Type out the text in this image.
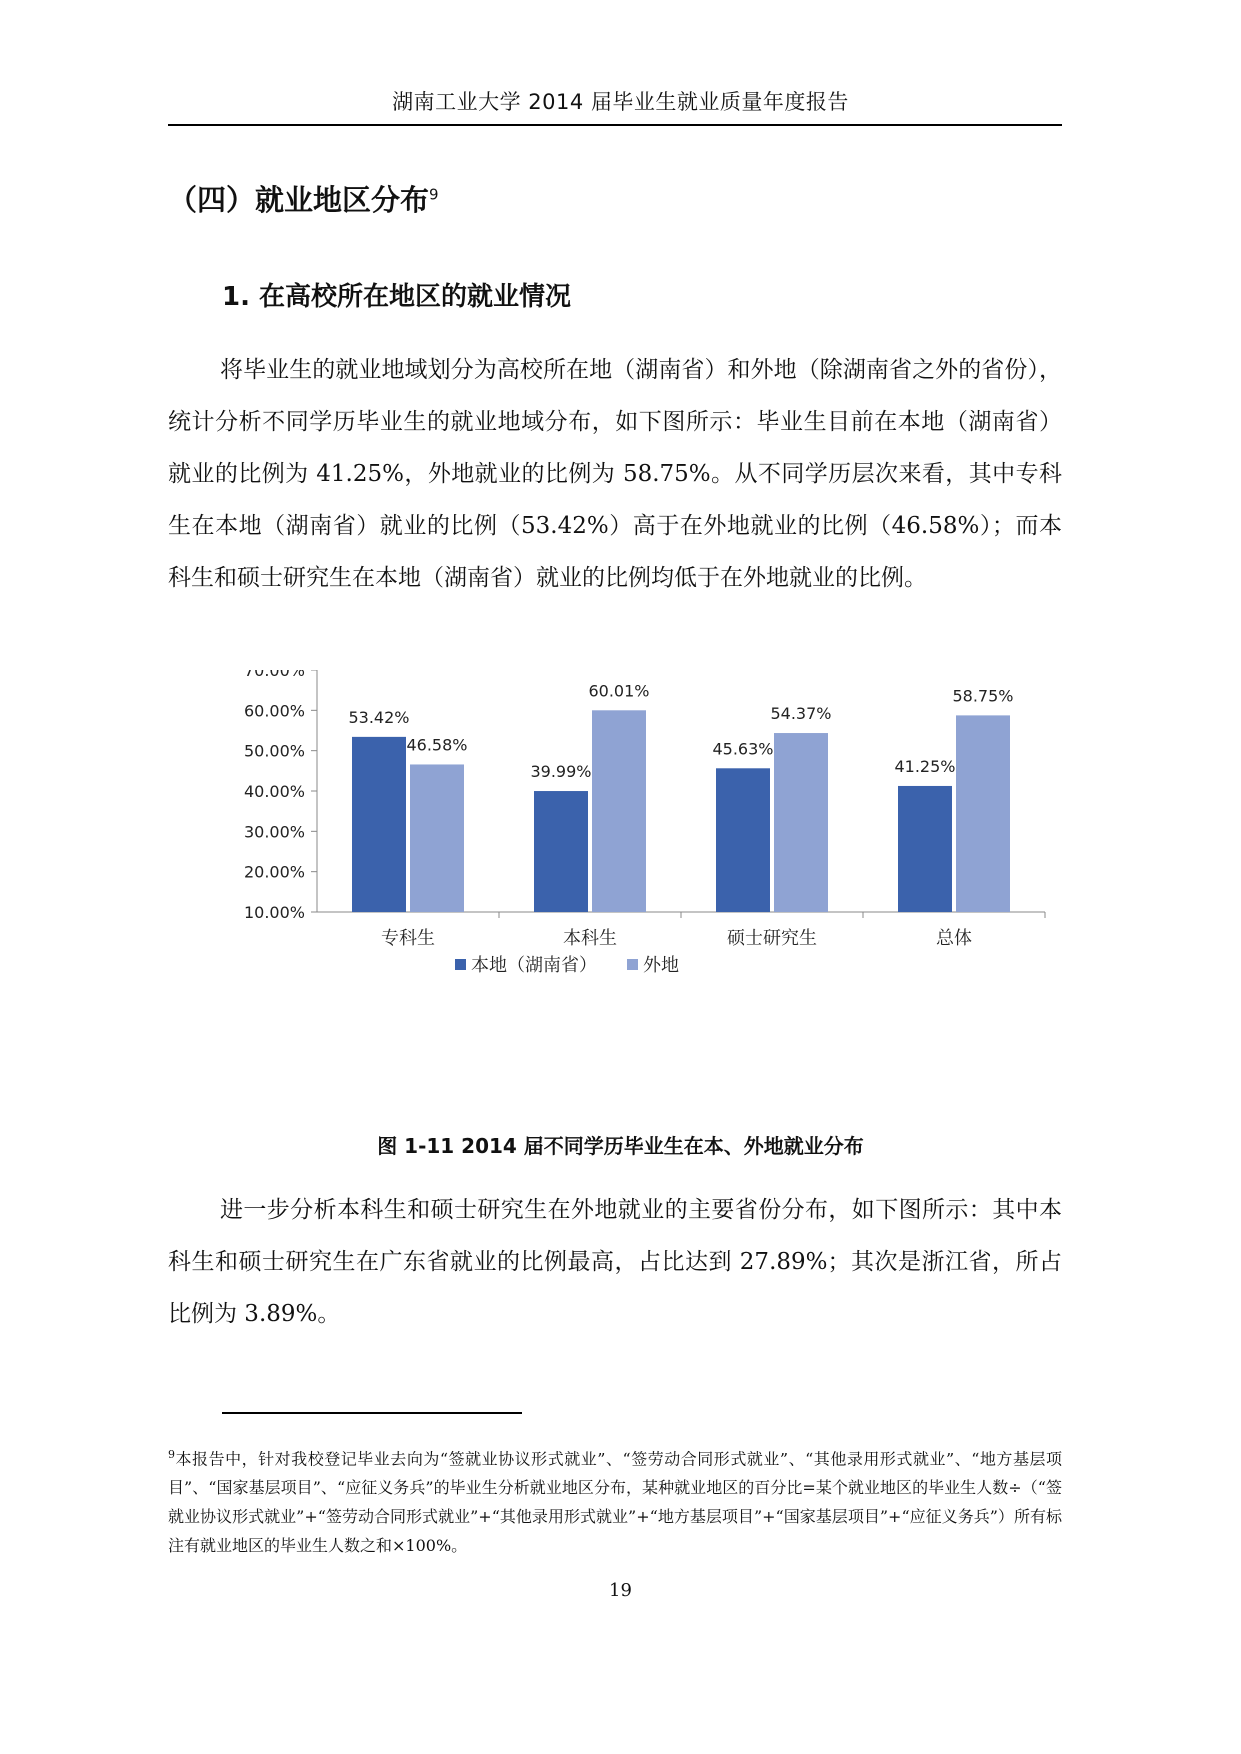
湖南工业大学 2014 届毕业生就业质量年度报告
（四）就业地区分布$^9$
1. 在高校所在地区的就业情况

将毕业生的就业地域划分为高校所在地（湖南省）和外地（除湖南省之外的省份），统计分析不同学历毕业生的就业地域分布，如下图所示：毕业生目前在本地（湖南省）就业的比例为 41.25%，外地就业的比例为 58.75%。从不同学历层次来看，其中专科生在本地（湖南省）就业的比例（53.42%）高于在外地就业的比例（46.58%）；而本科生和硕士研究生在本地（湖南省）就业的比例均低于在外地就业的比例。

10.00%
20.00%
30.00%
40.00%
50.00%
60.00%
70.00%
53.42%
46.58%
专科生
39.99%
60.01%
本科生
45.63%
54.37%
硕士研究生
41.25%
58.75%
总体
本地（湖南省）	外地
图 1-11 2014 届不同学历毕业生在本、外地就业分布

进一步分析本科生和硕士研究生在外地就业的主要省份分布，如下图所示：其中本科生和硕士研究生在广东省就业的比例最高，占比达到 27.89%；其次是浙江省，所占比例为 3.89%。

$^9$本报告中，针对我校登记毕业去向为“签就业协议形式就业”、“签劳动合同形式就业”、“其他录用形式就业”、“地方基层项目”、“国家基层项目”、“应征义务兵”的毕业生分析就业地区分布，某种就业地区的百分比=某个就业地区的毕业生人数÷（“签就业协议形式就业”+“签劳动合同形式就业”+“其他录用形式就业”+“地方基层项目”+“国家基层项目”+“应征义务兵”）所有标注有就业地区的毕业生人数之和×100%。

19
